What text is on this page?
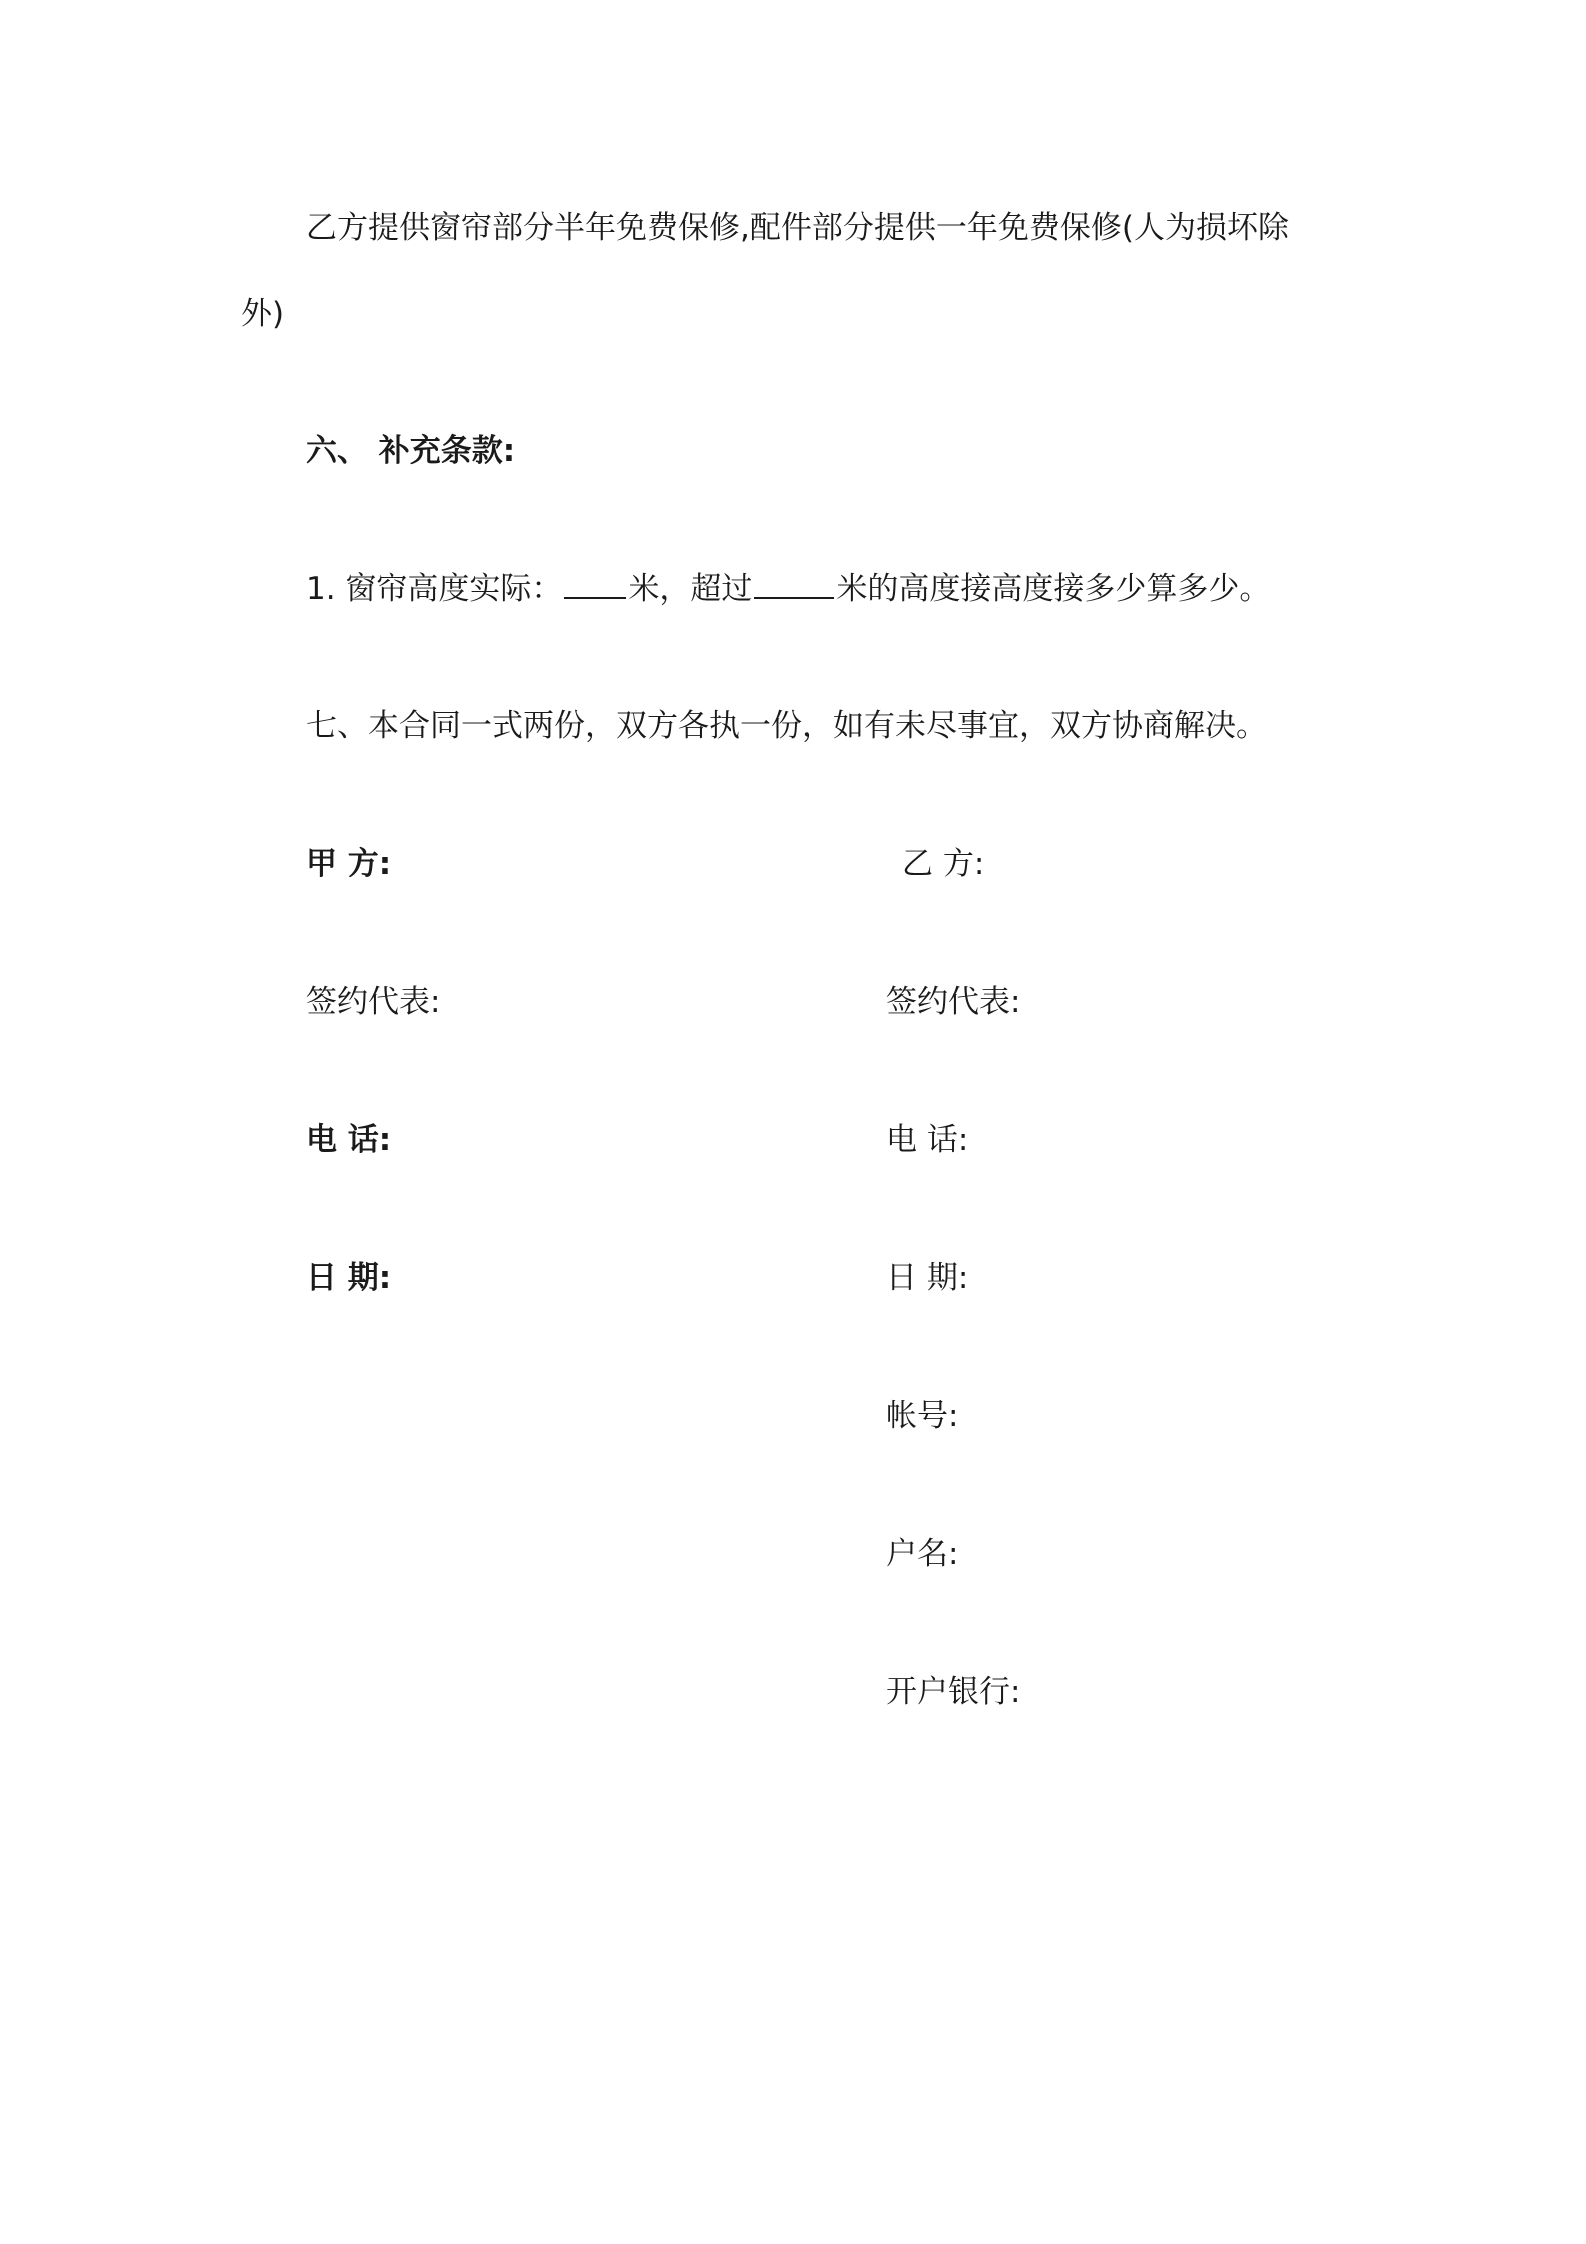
乙方提供窗帘部分半年免费保修,配件部分提供一年免费保修(人为损坏除
外)
六、 补充条款:
1. 窗帘高度实际： 米，超过	米的高度接高度接多少算多少。
七、本合同一式两份，双方各执一份，如有未尽事宜，双方协商解决。
甲 方:
签约代表:
电 话:
日 期:
乙 方:
签约代表:
电 话:
日 期:
帐号:
户名:
开户银行:
